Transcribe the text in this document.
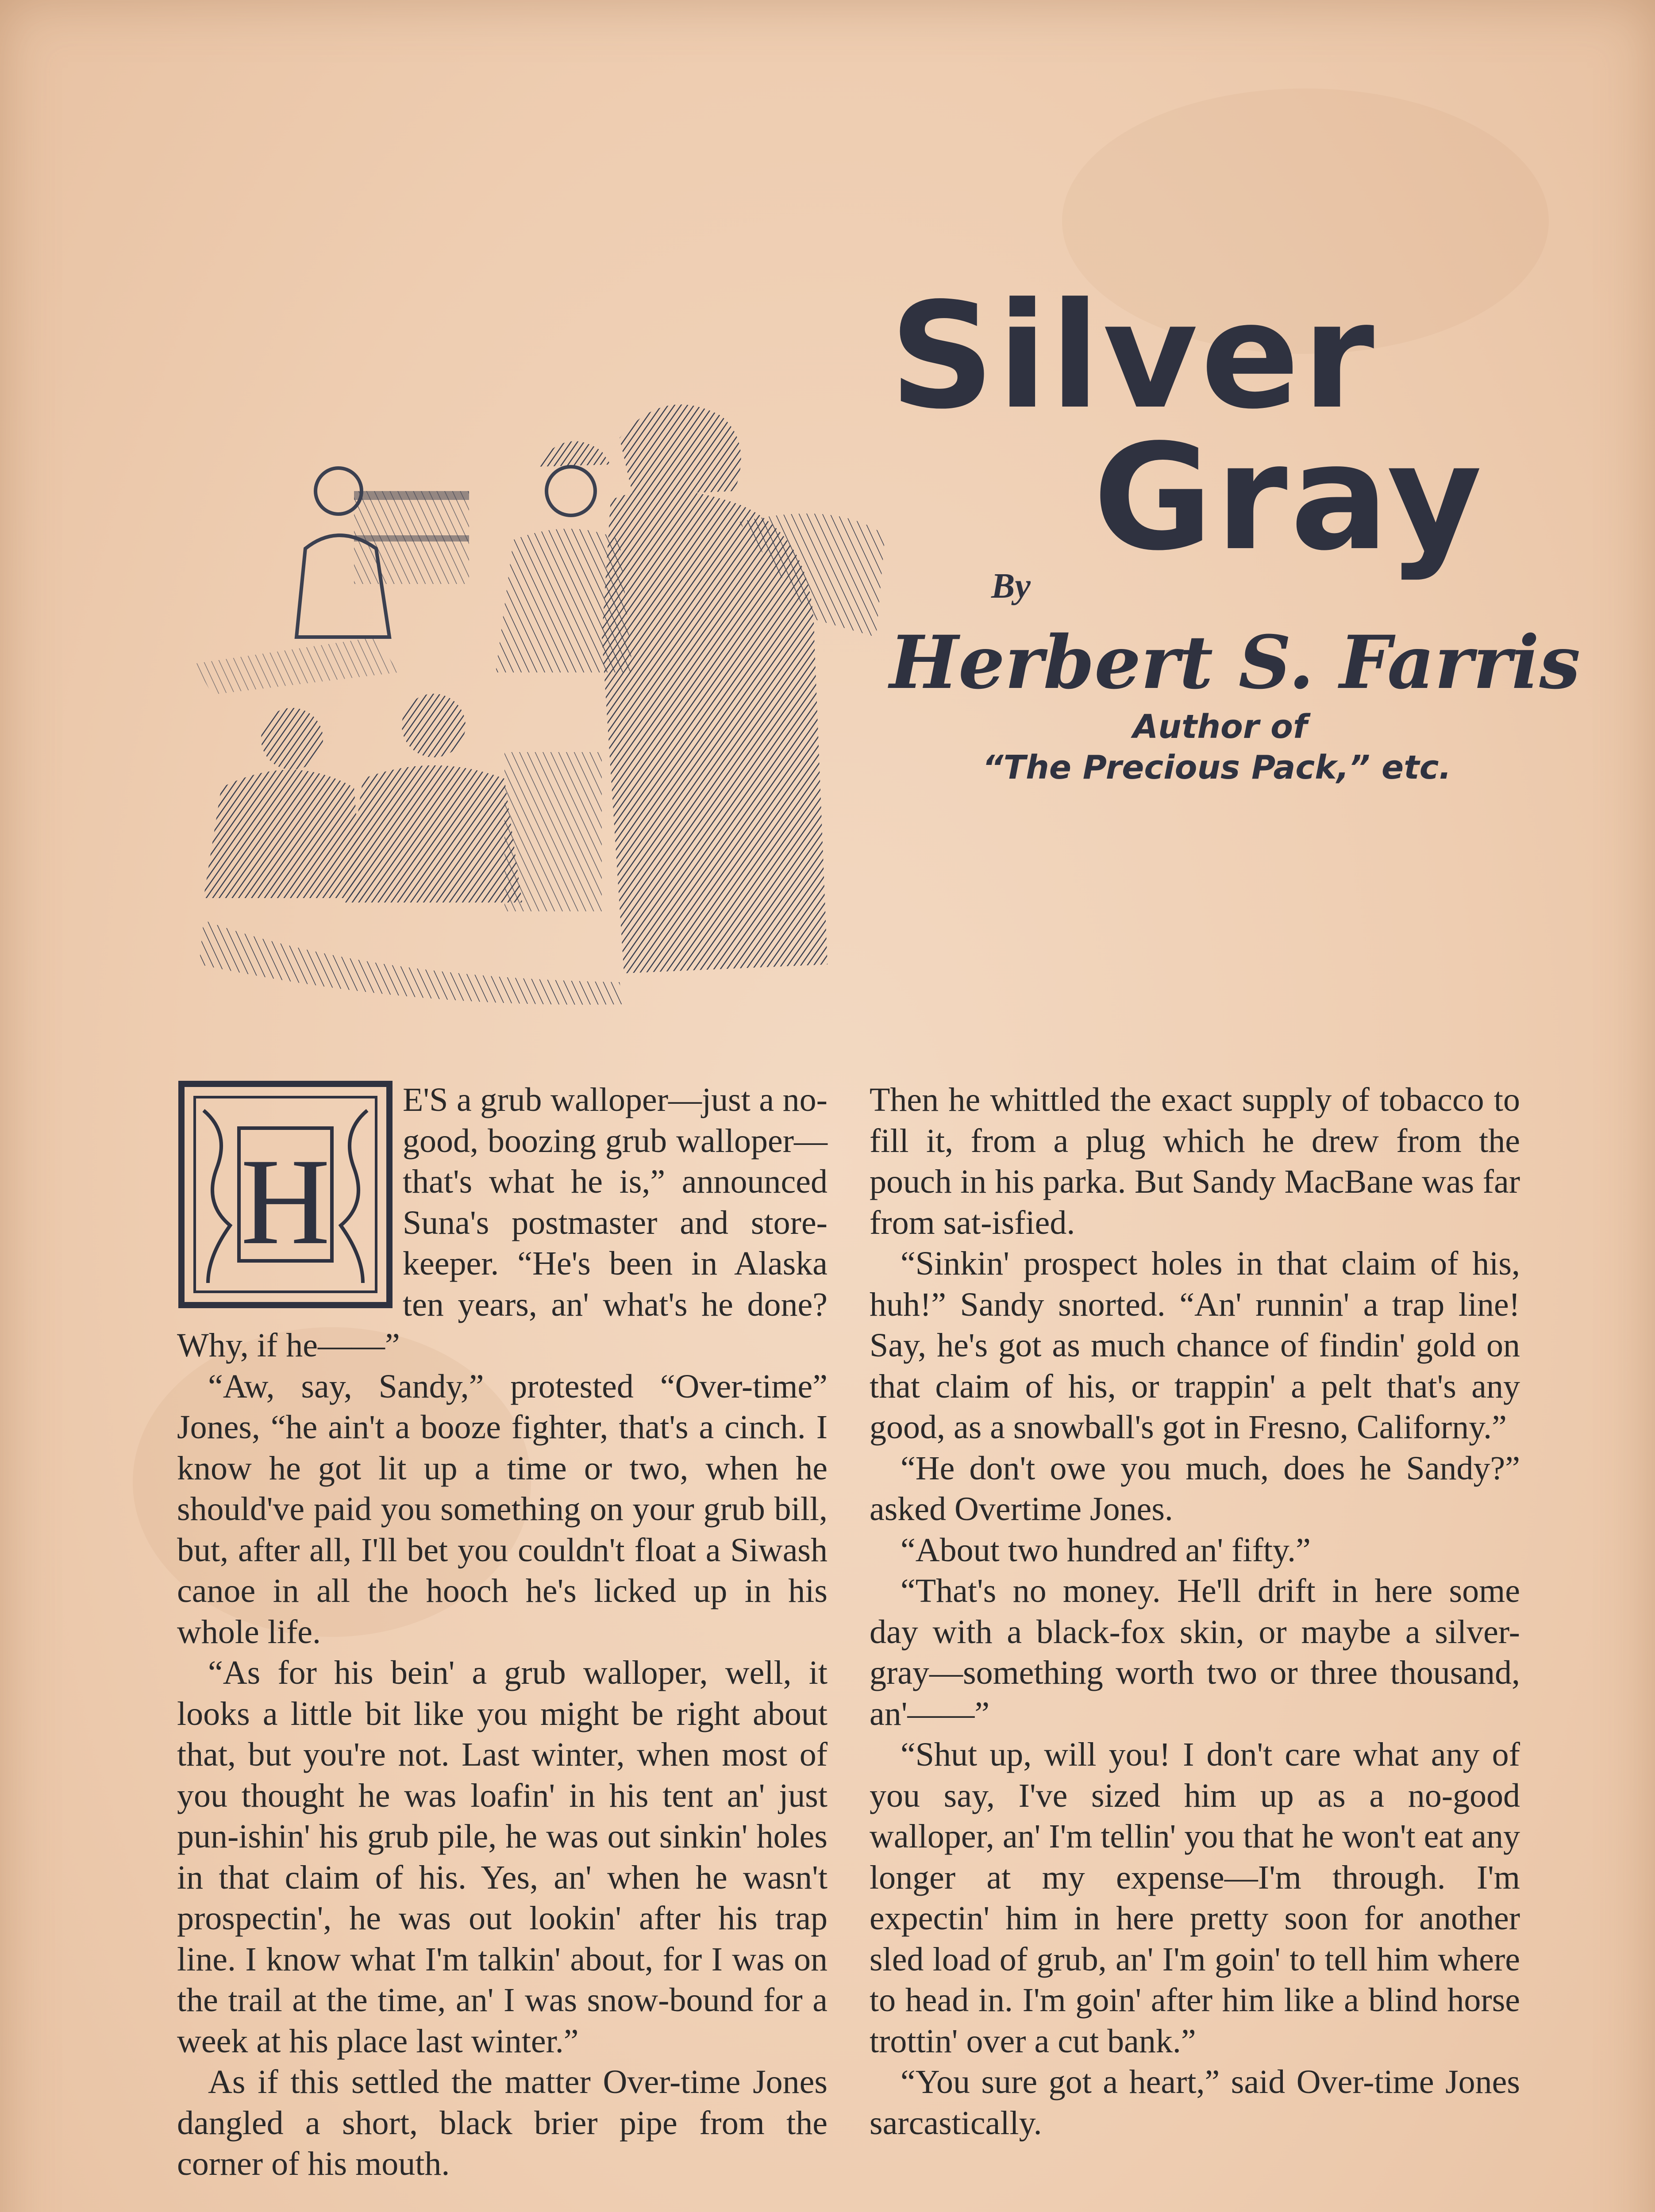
Silver
Gray
By
Herbert S. Farris
Author of
“The Precious Pack,” etc.
H

E'S a grub walloper—just a no-good, boozing grub walloper—that's what he is,” announced Suna's postmaster and store-keeper. “He's been in Alaska ten years, an' what's he done? Why, if he——”

“Aw, say, Sandy,” protested “Over-time” Jones, “he ain't a booze fighter, that's a cinch. I know he got lit up a time or two, when he should've paid you something on your grub bill, but, after all, I'll bet you couldn't float a Siwash canoe in all the hooch he's licked up in his whole life.

“As for his bein' a grub walloper, well, it looks a little bit like you might be right about that, but you're not. Last winter, when most of you thought he was loafin' in his tent an' just pun-ishin' his grub pile, he was out sinkin' holes in that claim of his. Yes, an' when he wasn't prospectin', he was out lookin' after his trap line. I know what I'm talkin' about, for I was on the trail at the time, an' I was snow-bound for a week at his place last winter.”

As if this settled the matter Over-time Jones dangled a short, black brier pipe from the corner of his mouth.

Then he whittled the exact supply of tobacco to fill it, from a plug which he drew from the pouch in his parka. But Sandy MacBane was far from sat-isfied.

“Sinkin' prospect holes in that claim of his, huh!” Sandy snorted. “An' runnin' a trap line! Say, he's got as much chance of findin' gold on that claim of his, or trappin' a pelt that's any good, as a snowball's got in Fresno, Californy.”

“He don't owe you much, does he Sandy?” asked Overtime Jones.

“About two hundred an' fifty.”

“That's no money. He'll drift in here some day with a black-fox skin, or maybe a silver-gray—something worth two or three thousand, an'——”

“Shut up, will you! I don't care what any of you say, I've sized him up as a no-good walloper, an' I'm tellin' you that he won't eat any longer at my expense—I'm through. I'm expectin' him in here pretty soon for another sled load of grub, an' I'm goin' to tell him where to head in. I'm goin' after him like a blind horse trottin' over a cut bank.”

“You sure got a heart,” said Over-time Jones sarcastically.
